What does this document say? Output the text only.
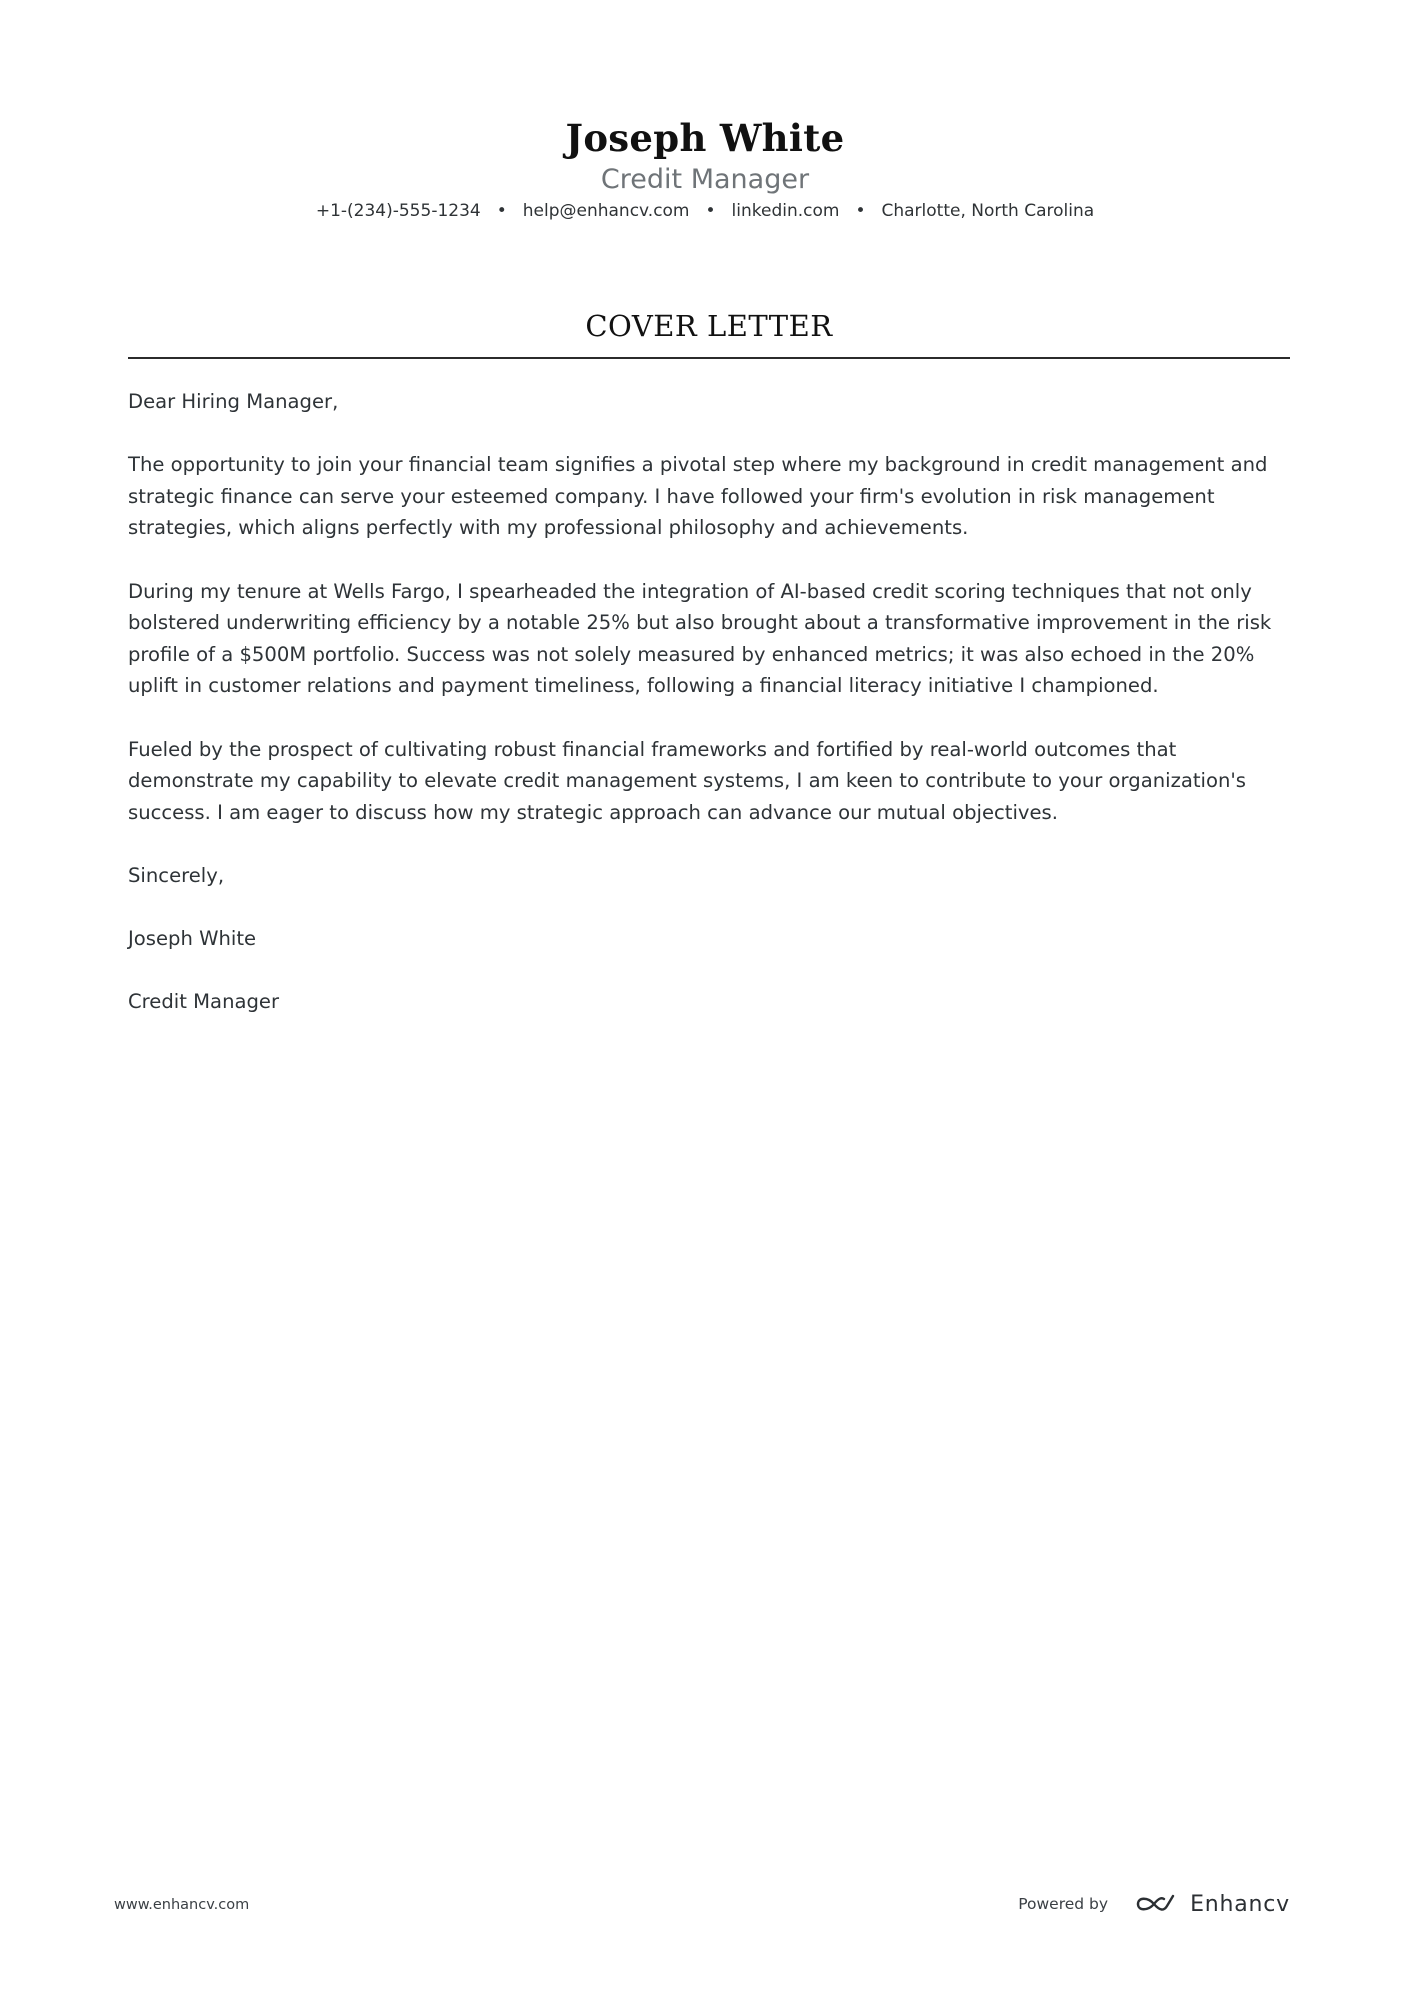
Joseph White
Credit Manager
+1-(234)-555-1234 • help@enhancv.com • linkedin.com • Charlotte, North Carolina
COVER LETTER

Dear Hiring Manager,

The opportunity to join your financial team signifies a pivotal step where my background in credit management and strategic finance can serve your esteemed company. I have followed your firm's evolution in risk management strategies, which aligns perfectly with my professional philosophy and achievements.

During my tenure at Wells Fargo, I spearheaded the integration of AI-based credit scoring techniques that not only bolstered underwriting efficiency by a notable 25% but also brought about a transformative improvement in the risk profile of a $500M portfolio. Success was not solely measured by enhanced metrics; it was also echoed in the 20% uplift in customer relations and payment timeliness, following a financial literacy initiative I championed.

Fueled by the prospect of cultivating robust financial frameworks and fortified by real-world outcomes that demonstrate my capability to elevate credit management systems, I am keen to contribute to your organization's success. I am eager to discuss how my strategic approach can advance our mutual objectives.

Sincerely,

Joseph White

Credit Manager

www.enhancv.com	Powered by	Enhancv
